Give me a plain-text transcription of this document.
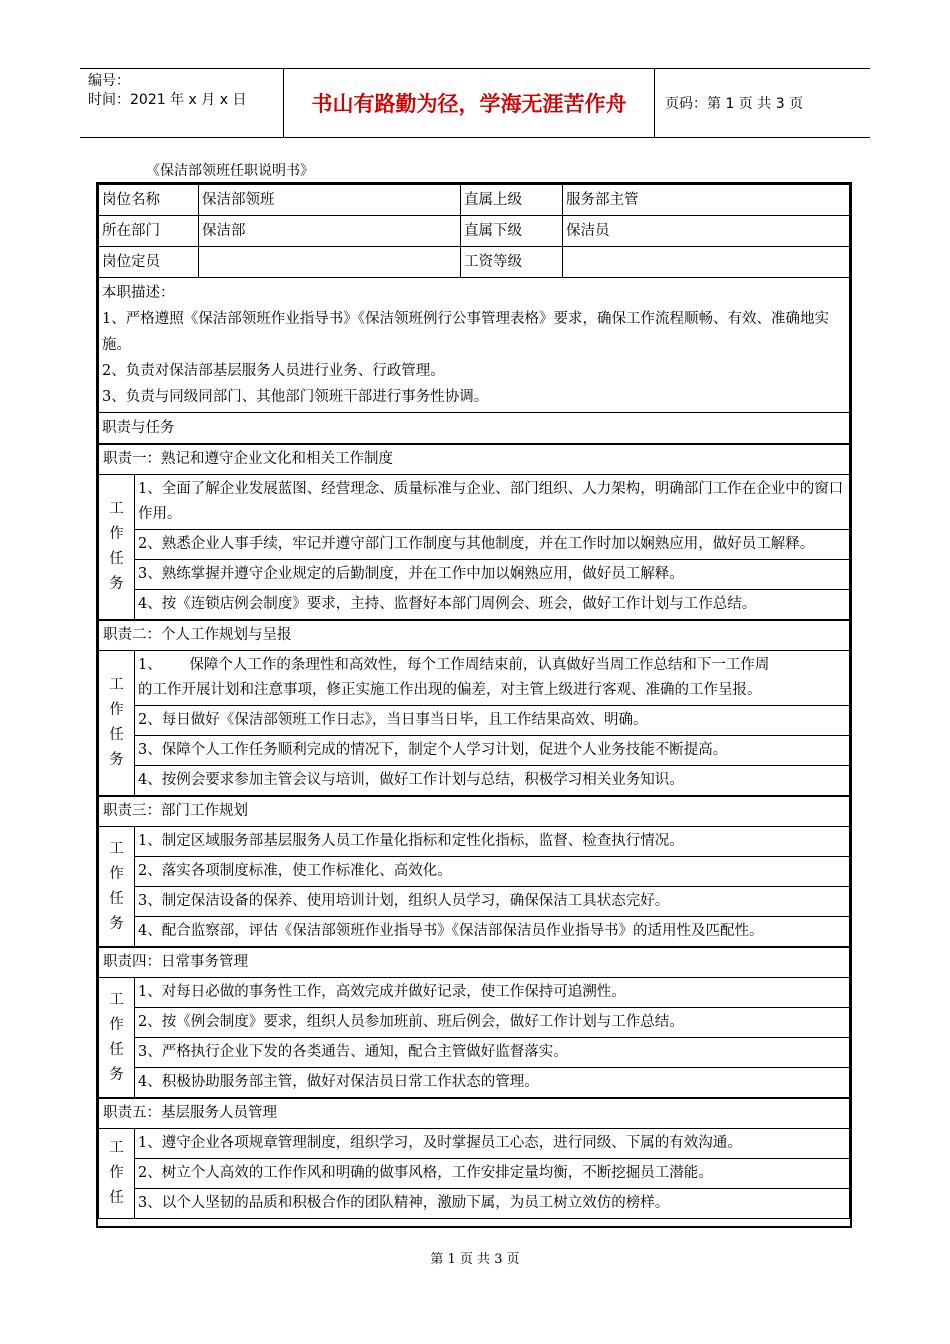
编号：
时间：2021 年 x 月 x 日	书山有路勤为径，学海无涯苦作舟	页码：第 1 页 共 3 页
《保洁部领班任职说明书》
岗位名称	保洁部领班	直属上级	服务部主管
所在部门	保洁部	直属下级	保洁员
岗位定员		工资等级	

本职描述：
1、严格遵照《保洁部领班作业指导书》《保洁领班例行公事管理表格》要求，确保工作流程顺畅、有效、准确地实施。
2、负责对保洁部基层服务人员进行业务、行政管理。
3、负责与同级同部门、其他部门领班干部进行事务性协调。			

职责与任务			
职责一：熟记和遵守企业文化和相关工作制度

工
作
任
务
	1、全面了解企业发展蓝图、经营理念、质量标准与企业、部门组织、人力架构，明确部门工作在企业中的窗口作用。
2、熟悉企业人事手续，牢记并遵守部门工作制度与其他制度，并在工作时加以娴熟应用，做好员工解释。
3、熟练掌握并遵守企业规定的后勤制度，并在工作中加以娴熟应用，做好员工解释。
4、按《连锁店例会制度》要求，主持、监督好本部门周例会、班会，做好工作计划与工作总结。
职责二：个人工作规划与呈报

工
作
任
务

1、      保障个人工作的条理性和高效性，每个工作周结束前，认真做好当周工作总结和下一工作周
的工作开展计划和注意事项，修正实施工作出现的偏差，对主管上级进行客观、准确的工作呈报。

2、每日做好《保洁部领班工作日志》，当日事当日毕，且工作结果高效、明确。
3、保障个人工作任务顺利完成的情况下，制定个人学习计划，促进个人业务技能不断提高。
4、按例会要求参加主管会议与培训，做好工作计划与总结，积极学习相关业务知识。
职责三：部门工作规划

工
作
任
务
	1、制定区域服务部基层服务人员工作量化指标和定性化指标，监督、检查执行情况。
2、落实各项制度标准，使工作标准化、高效化。
3、制定保洁设备的保养、使用培训计划，组织人员学习，确保保洁工具状态完好。
4、配合监察部，评估《保洁部领班作业指导书》《保洁部保洁员作业指导书》的适用性及匹配性。
职责四：日常事务管理

工
作
任
务
	1、对每日必做的事务性工作，高效完成并做好记录，使工作保持可追溯性。
2、按《例会制度》要求，组织人员参加班前、班后例会，做好工作计划与工作总结。
3、严格执行企业下发的各类通告、通知，配合主管做好监督落实。
4、积极协助服务部主管，做好对保洁员日常工作状态的管理。
职责五：基层服务人员管理

工
作
任
	1、遵守企业各项规章管理制度，组织学习，及时掌握员工心态，进行同级、下属的有效沟通。
2、树立个人高效的工作作风和明确的做事风格，工作安排定量均衡，不断挖掘员工潜能。
3、以个人坚韧的品质和积极合作的团队精神，激励下属，为员工树立效仿的榜样。
第 1 页 共 3 页
